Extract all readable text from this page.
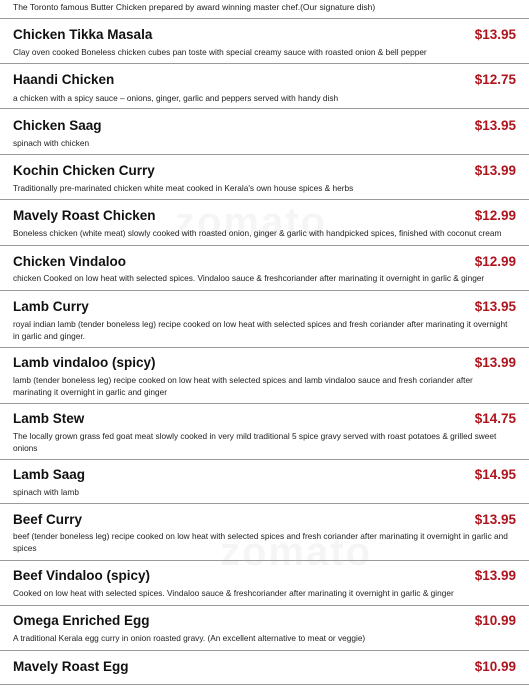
The Toronto famous Butter Chicken prepared by award winning master chef.(Our signature dish)
Chicken Tikka Masala	$13.95
Clay oven cooked Boneless chicken cubes pan toste with special creamy sauce with roasted onion & bell pepper
Haandi Chicken	$12.75
a chicken with a spicy sauce – onions, ginger, garlic and peppers served with handy dish
Chicken Saag	$13.95
spinach with chicken
Kochin Chicken Curry	$13.99
Traditionally pre-marinated chicken white meat cooked in Kerala's own house spices & herbs
Mavely Roast Chicken	$12.99
Boneless chicken (white meat) slowly cooked with roasted onion, ginger & garlic with handpicked spices, finished with coconut cream
Chicken Vindaloo	$12.99
chicken Cooked on low heat with selected spices. Vindaloo sauce & freshcoriander after marinating it overnight in garlic & ginger
Lamb Curry	$13.95
royal indian lamb (tender boneless leg) recipe cooked on low heat with selected spices and fresh coriander after marinating it overnight in garlic and ginger.
Lamb vindaloo (spicy)	$13.99
lamb (tender boneless leg) recipe cooked on low heat with selected spices and lamb vindaloo sauce and fresh coriander after marinating it overnight in garlic and ginger
Lamb Stew	$14.75
The locally grown grass fed goat meat slowly cooked in very mild traditional 5 spice gravy served with roast potatoes & grilled sweet onions
Lamb Saag	$14.95
spinach with lamb
Beef Curry	$13.95
beef (tender boneless leg) recipe cooked on low heat with selected spices and fresh coriander after marinating it overnight in garlic and spices
Beef Vindaloo (spicy)	$13.99
Cooked on low heat with selected spices. Vindaloo sauce & freshcoriander after marinating it overnight in garlic & ginger
Omega Enriched Egg	$10.99
A traditional Kerala egg curry in onion roasted gravy. (An excellent alternative to meat or veggie)
Mavely Roast Egg	$10.99
